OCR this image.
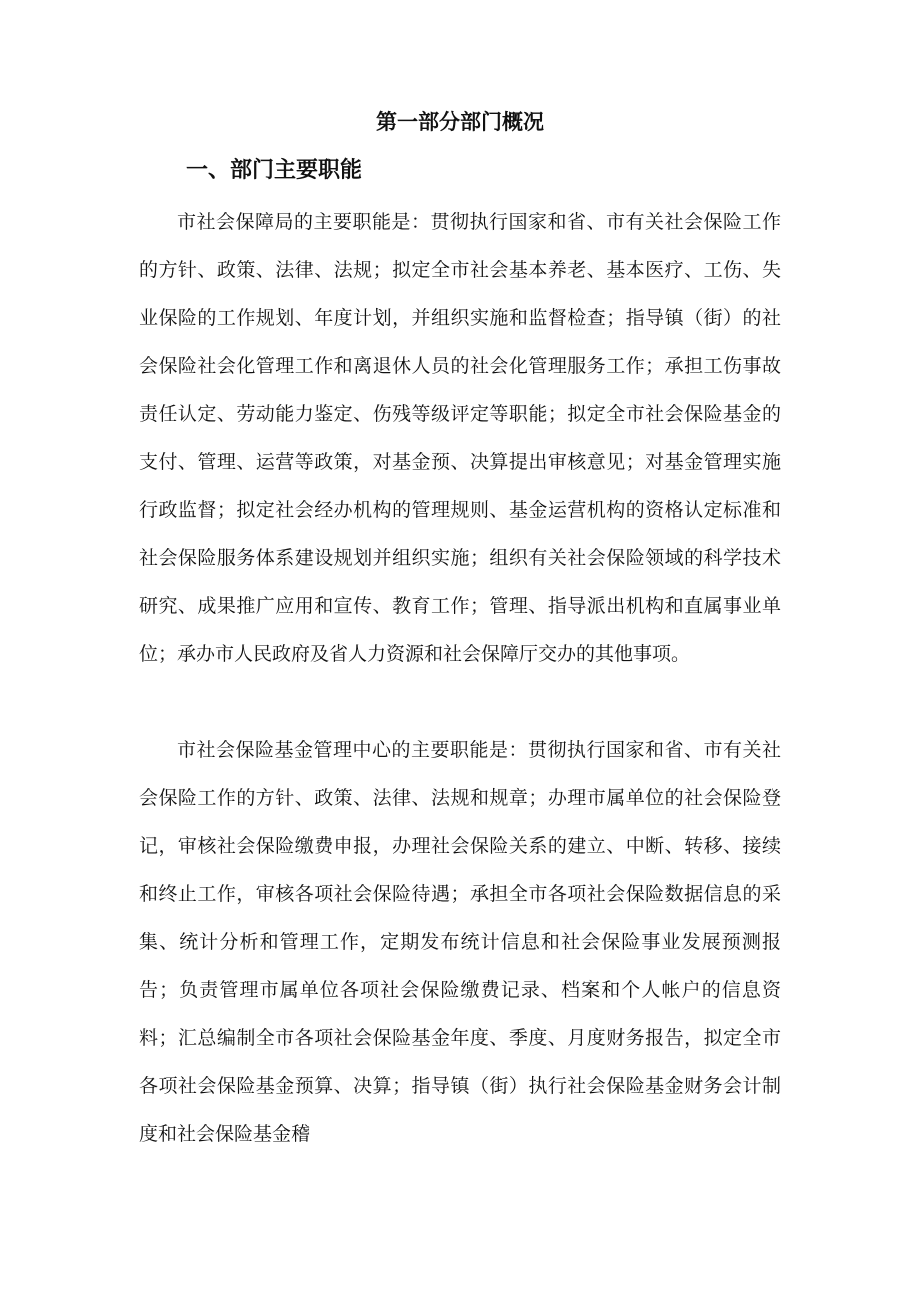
第一部分部门概况
一、部门主要职能

市社会保障局的主要职能是：贯彻执行国家和省、市有关社会保险工作的方针、政策、法律、法规；拟定全市社会基本养老、基本医疗、工伤、失业保险的工作规划、年度计划，并组织实施和监督检查；指导镇（街）的社会保险社会化管理工作和离退休人员的社会化管理服务工作；承担工伤事故责任认定、劳动能力鉴定、伤残等级评定等职能；拟定全市社会保险基金的支付、管理、运营等政策，对基金预、决算提出审核意见；对基金管理实施行政监督；拟定社会经办机构的管理规则、基金运营机构的资格认定标准和社会保险服务体系建设规划并组织实施；组织有关社会保险领域的科学技术研究、成果推广应用和宣传、教育工作；管理、指导派出机构和直属事业单位；承办市人民政府及省人力资源和社会保障厅交办的其他事项。

市社会保险基金管理中心的主要职能是：贯彻执行国家和省、市有关社会保险工作的方针、政策、法律、法规和规章；办理市属单位的社会保险登记，审核社会保险缴费申报，办理社会保险关系的建立、中断、转移、接续和终止工作，审核各项社会保险待遇；承担全市各项社会保险数据信息的采集、统计分析和管理工作，定期发布统计信息和社会保险事业发展预测报告；负责管理市属单位各项社会保险缴费记录、档案和个人帐户的信息资料；汇总编制全市各项社会保险基金年度、季度、月度财务报告，拟定全市各项社会保险基金预算、决算；指导镇（街）执行社会保险基金财务会计制度和社会保险基金稽
